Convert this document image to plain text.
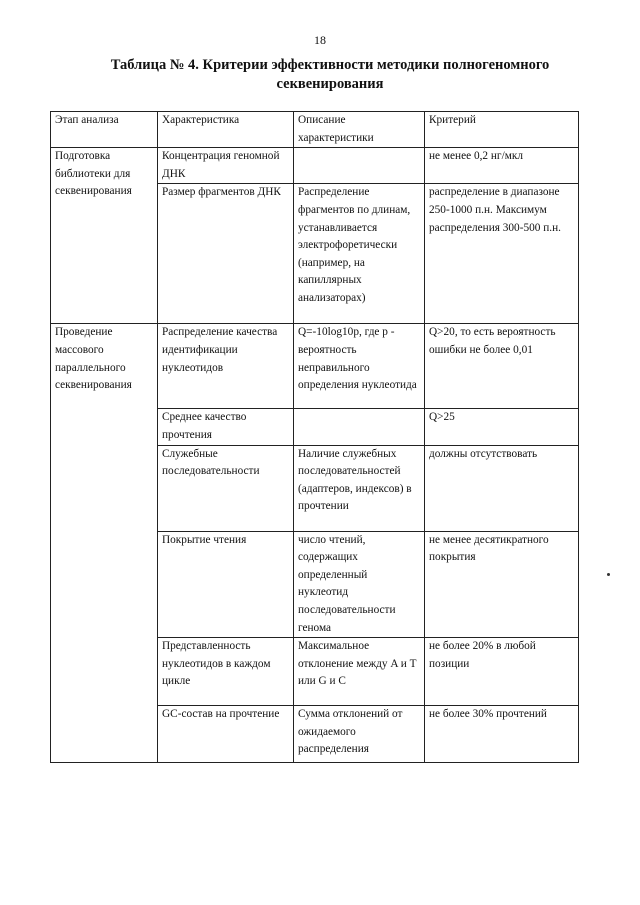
18
Таблица № 4. Критерии эффективности методики полногеномного
секвенирования
Этап анализа	Характеристика	Описание характеристики	Критерий
Подготовка библиотеки для секвенирования	Концентрация геномной ДНК		не менее 0,2 нг/мкл
	Размер фрагментов ДНК	Распределение фрагментов по длинам, устанавливается электрофоретически (например, на капиллярных анализаторах)	распределение в диапазоне 250-1000 п.н. Максимум распределения 300-500 п.н.
Проведение массового параллельного секвенирования	Распределение качества идентификации нуклеотидов	Q=-10log10p, где p - вероятность неправильного определения нуклеотида	Q>20, то есть вероятность ошибки не более 0,01
	Среднее качество прочтения		Q>25
	Служебные последовательности	Наличие служебных последовательностей (адаптеров, индексов) в прочтении	должны отсутствовать
	Покрытие чтения	число чтений, содержащих определенный нуклеотид последовательности генома	не менее десятикратного покрытия
	Представленность нуклеотидов в каждом цикле	Максимальное отклонение между A и T или G и C	не более 20% в любой позиции
	GC-состав на прочтение	Сумма отклонений от ожидаемого распределения	не более 30% прочтений
